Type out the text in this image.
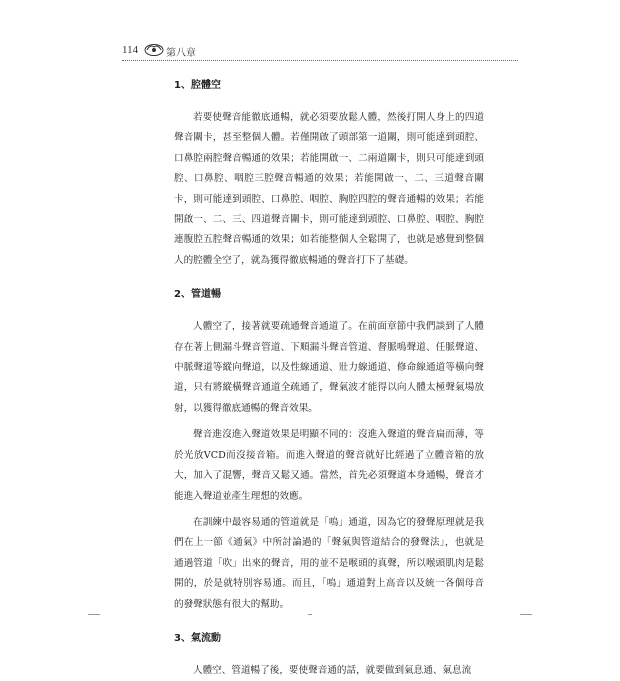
114	第八章
1、腔體空

若要使聲音能徹底通暢，就必須要放鬆人體，然後打開人身上的四道聲音關卡，甚至整個人體。若僅開啟了頭部第一道關，則可能達到頭腔、口鼻腔兩腔聲音暢通的效果；若能開啟一、二兩道關卡，則只可能達到頭腔、口鼻腔、咽腔三腔聲音暢通的效果；若能開啟一、二、三道聲音關卡，則可能達到頭腔、口鼻腔、咽腔、胸腔四腔的聲音通暢的效果；若能開啟一、二、三、四道聲音關卡，則可能達到頭腔、口鼻腔、咽腔、胸腔連腹腔五腔聲音暢通的效果；如若能整個人全鬆開了，也就是感覺到整個人的腔體全空了，就為獲得徹底暢通的聲音打下了基礎。

2、管道暢

人體空了，接著就要疏通聲音通道了。在前面章節中我們談到了人體存在著上側漏斗聲音管道、下順漏斗聲音管道、督脈鳴聲道、任脈聲道、中脈聲道等縱向聲道，以及性線通道、壯力線通道、修命線通道等橫向聲道，只有將縱橫聲音通道全疏通了，聲氣波才能得以向人體太極聲氣場放射，以獲得徹底通暢的聲音效果。

聲音進沒進入聲道效果是明顯不同的：沒進入聲道的聲音扁而薄，等於光放VCD而沒接音箱。而進入聲道的聲音就好比經過了立體音箱的放大，加入了混響，聲音又鬆又通。當然，首先必須聲道本身通暢，聲音才能進入聲道並產生理想的效應。

在訓練中最容易通的管道就是「嗚」通道，因為它的發聲原理就是我們在上一節《通氣》中所討論過的「聲氣與管道結合的發聲法」，也就是通過管道「吹」出來的聲音，用的並不是喉頭的真聲，所以喉頭肌肉是鬆開的，於是就特別容易通。而且，「嗚」通道對上高音以及統一各個母音的發聲狀態有很大的幫助。

3、氣流動

人體空、管道暢了後，要使聲音通的話，就要做到氣息通、氣息流
